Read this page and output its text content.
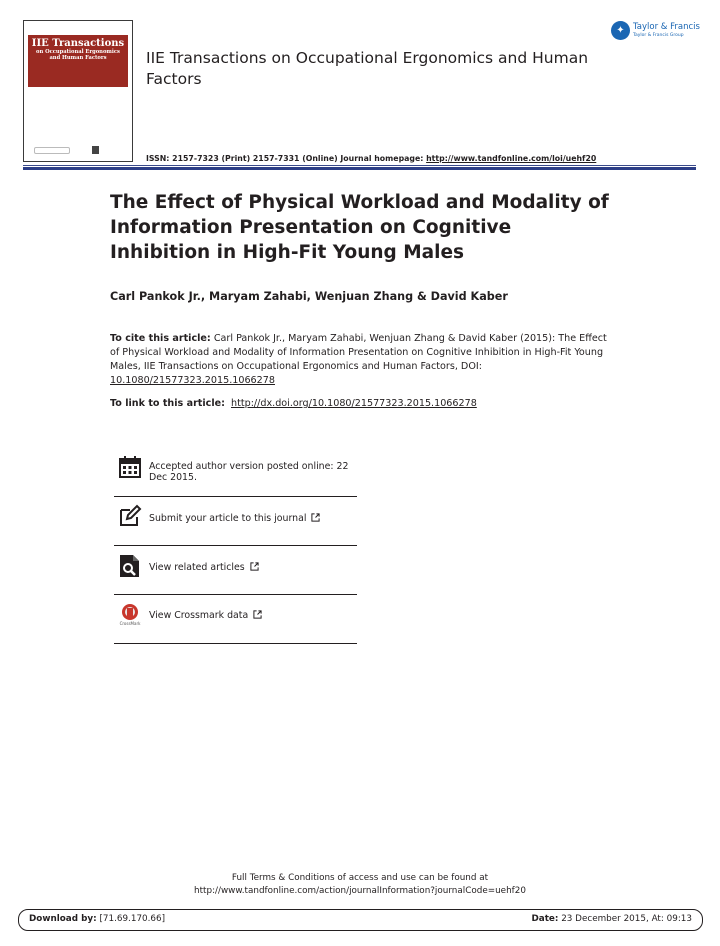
IIE Transactions
on Occupational Ergonomics
and Human Factors	IIE Transactions on Occupational Ergonomics and Human Factors
✦ Taylor & Francis
Taylor & Francis Group
ISSN: 2157-7323 (Print) 2157-7331 (Online) Journal homepage: http://www.tandfonline.com/loi/uehf20
The Effect of Physical Workload and Modality of Information Presentation on Cognitive Inhibition in High-Fit Young Males
Carl Pankok Jr., Maryam Zahabi, Wenjuan Zhang & David Kaber
To cite this article: Carl Pankok Jr., Maryam Zahabi, Wenjuan Zhang & David Kaber (2015): The Effect of Physical Workload and Modality of Information Presentation on Cognitive Inhibition in High-Fit Young Males, IIE Transactions on Occupational Ergonomics and Human Factors, DOI: 10.1080/21577323.2015.1066278
To link to this article: http://dx.doi.org/10.1080/21577323.2015.1066278
Accepted author version posted online: 22 Dec 2015.
Submit your article to this journal
View related articles
CrossMark
View Crossmark data
Full Terms & Conditions of access and use can be found at
http://www.tandfonline.com/action/journalInformation?journalCode=uehf20
Download by: [71.69.170.66]	Date: 23 December 2015, At: 09:13
